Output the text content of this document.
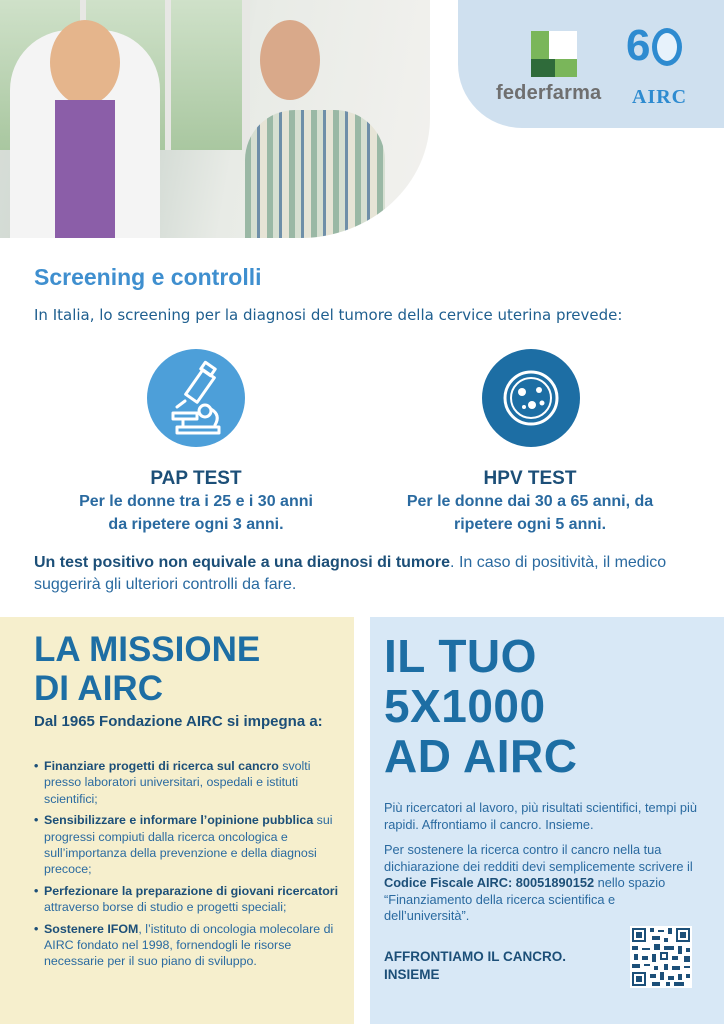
federfarma
6
AIRC
Screening e controlli
In Italia, lo screening per la diagnosi del tumore della cervice uterina prevede:
PAP TEST
Per le donne tra i 25 e i 30 anni
da ripetere ogni 3 anni.
HPV TEST
Per le donne dai 30 a 65 anni, da
ripetere ogni 5 anni.
Un test positivo non equivale a una diagnosi di tumore. In caso di positività, il medico suggerirà gli ulteriori controlli da fare.
LA MISSIONE
DI AIRC
Dal 1965 Fondazione AIRC si impegna a:
• Finanziare progetti di ricerca sul cancro svolti presso laboratori universitari, ospedali e istituti scientifici;
• Sensibilizzare e informare l’opinione pubblica sui progressi compiuti dalla ricerca oncologica e sull’importanza della prevenzione e della diagnosi precoce;
• Perfezionare la preparazione di giovani ricercatori attraverso borse di studio e progetti speciali;
• Sostenere IFOM, l’istituto di oncologia molecolare di AIRC fondato nel 1998, fornendogli le risorse necessarie per il suo piano di sviluppo.
IL TUO
5X1000
AD AIRC
Più ricercatori al lavoro, più risultati scientifici, tempi più rapidi. Affrontiamo il cancro. Insieme.
Per sostenere la ricerca contro il cancro nella tua dichiarazione dei redditi devi semplicemente scrivere il Codice Fiscale AIRC: 80051890152 nello spazio “Finanziamento della ricerca scientifica e dell’università”.
AFFRONTIAMO IL CANCRO. INSIEME
